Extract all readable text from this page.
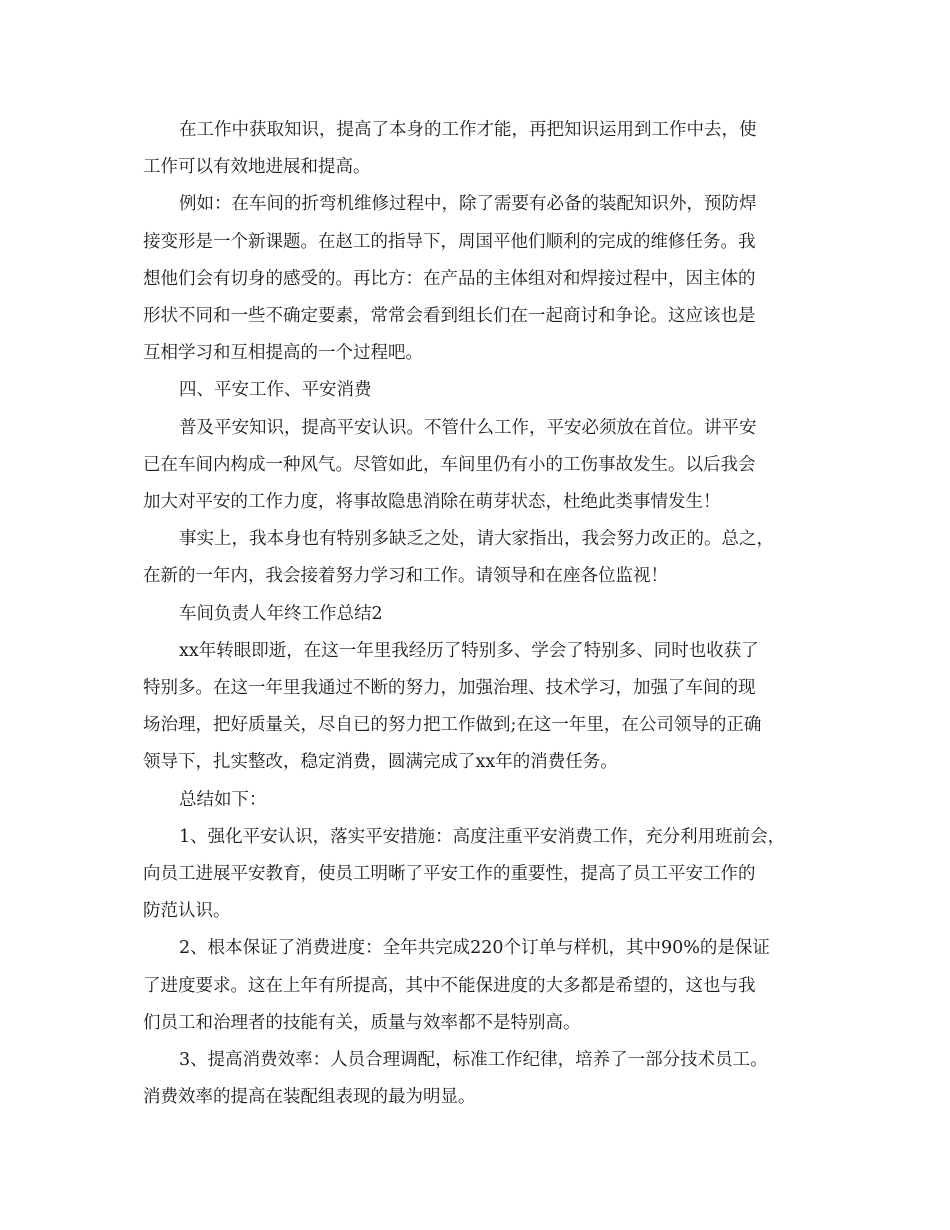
在工作中获取知识，提高了本身的工作才能，再把知识运用到工作中去，使
工作可以有效地进展和提高。

例如：在车间的折弯机维修过程中，除了需要有必备的装配知识外，预防焊
接变形是一个新课题。在赵工的指导下，周国平他们顺利的完成的维修任务。我
想他们会有切身的感受的。再比方：在产品的主体组对和焊接过程中，因主体的
形状不同和一些不确定要素，常常会看到组长们在一起商讨和争论。这应该也是
互相学习和互相提高的一个过程吧。

四、平安工作、平安消费

普及平安知识，提高平安认识。不管什么工作，平安必须放在首位。讲平安
已在车间内构成一种风气。尽管如此，车间里仍有小的工伤事故发生。以后我会
加大对平安的工作力度，将事故隐患消除在萌芽状态，杜绝此类事情发生！

事实上，我本身也有特别多缺乏之处，请大家指出，我会努力改正的。总之，
在新的一年内，我会接着努力学习和工作。请领导和在座各位监视！

车间负责人年终工作总结2

xx年转眼即逝，在这一年里我经历了特别多、学会了特别多、同时也收获了
特别多。在这一年里我通过不断的努力，加强治理、技术学习，加强了车间的现
场治理，把好质量关，尽自已的努力把工作做到;在这一年里，在公司领导的正确
领导下，扎实整改，稳定消费，圆满完成了xx年的消费任务。

总结如下：

1、强化平安认识，落实平安措施：高度注重平安消费工作，充分利用班前会，
向员工进展平安教育，使员工明晰了平安工作的重要性，提高了员工平安工作的
防范认识。

2、根本保证了消费进度：全年共完成220个订单与样机，其中90%的是保证
了进度要求。这在上年有所提高，其中不能保进度的大多都是希望的，这也与我
们员工和治理者的技能有关，质量与效率都不是特别高。

3、提高消费效率：人员合理调配，标准工作纪律，培养了一部分技术员工。
消费效率的提高在装配组表现的最为明显。
